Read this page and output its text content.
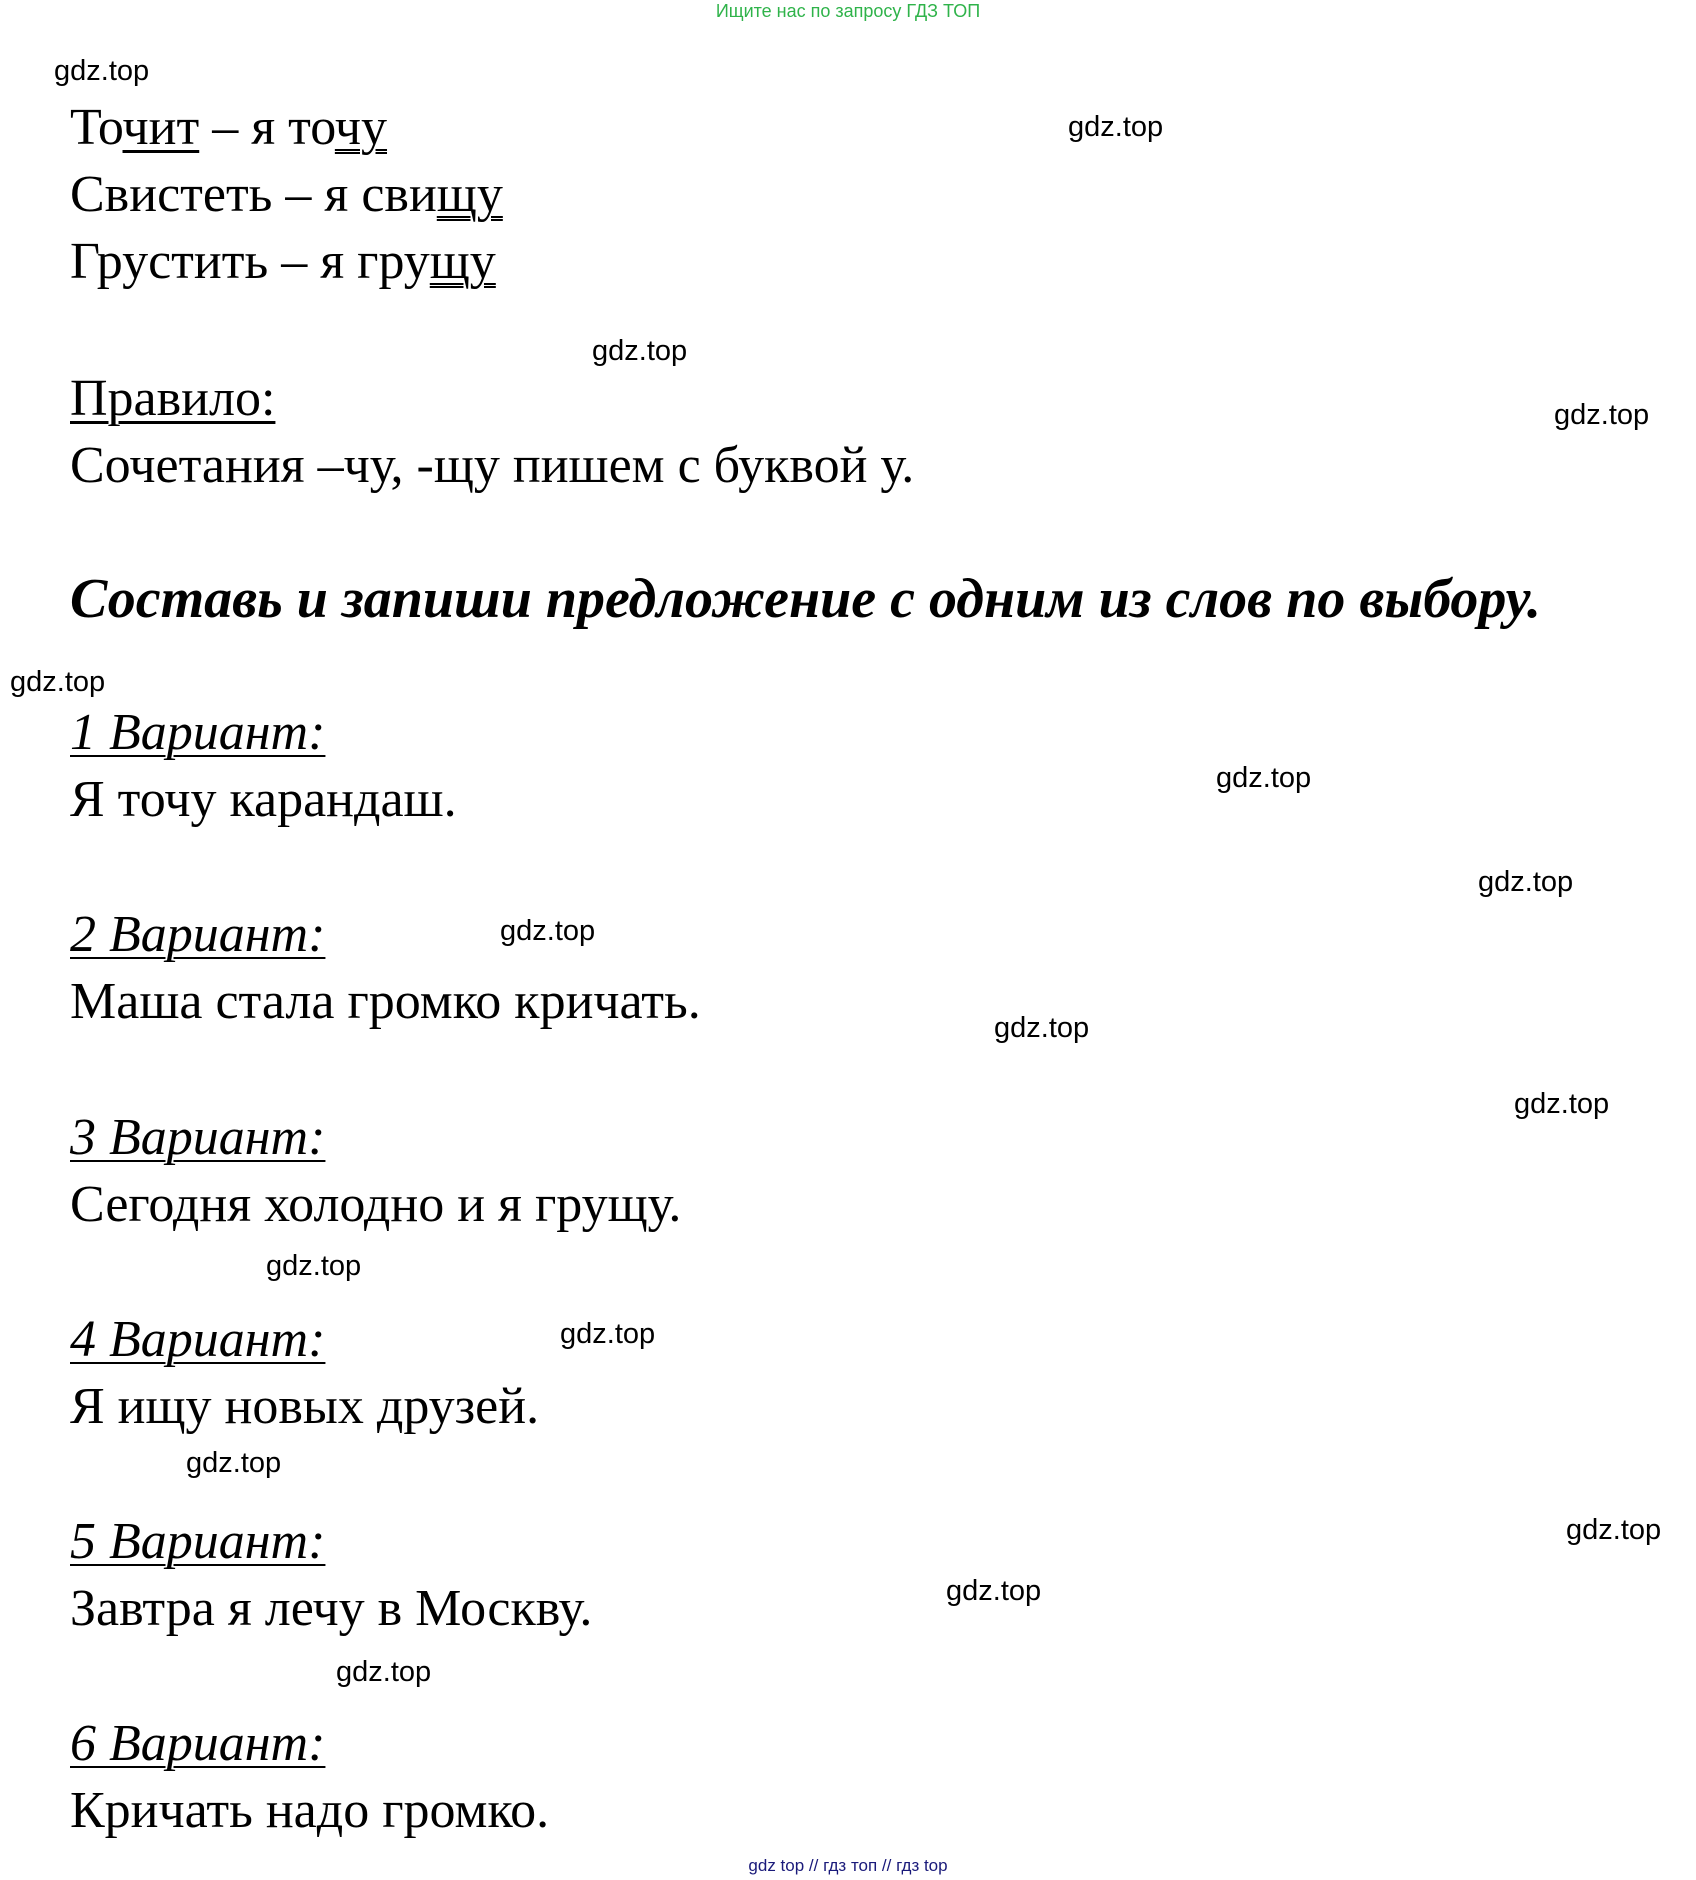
Ищите нас по запросу ГДЗ ТОП
Точит – я точу
Свистеть – я свищу
Грустить – я грущу
Правило:
Сочетания –чу, -щу пишем с буквой у.
Составь и запиши предложение с одним из слов по выбору.
1 Вариант:
Я точу карандаш.
2 Вариант:
Маша стала громко кричать.
3 Вариант:
Сегодня холодно и я грущу.
4 Вариант:
Я ищу новых друзей.
5 Вариант:
Завтра я лечу в Москву.
6 Вариант:
Кричать надо громко.
gdz.top
gdz.top
gdz.top
gdz.top
gdz.top
gdz.top
gdz.top
gdz.top
gdz.top
gdz.top
gdz.top
gdz.top
gdz.top
gdz.top
gdz.top
gdz.top
gdz top // гдз топ // гдз top
